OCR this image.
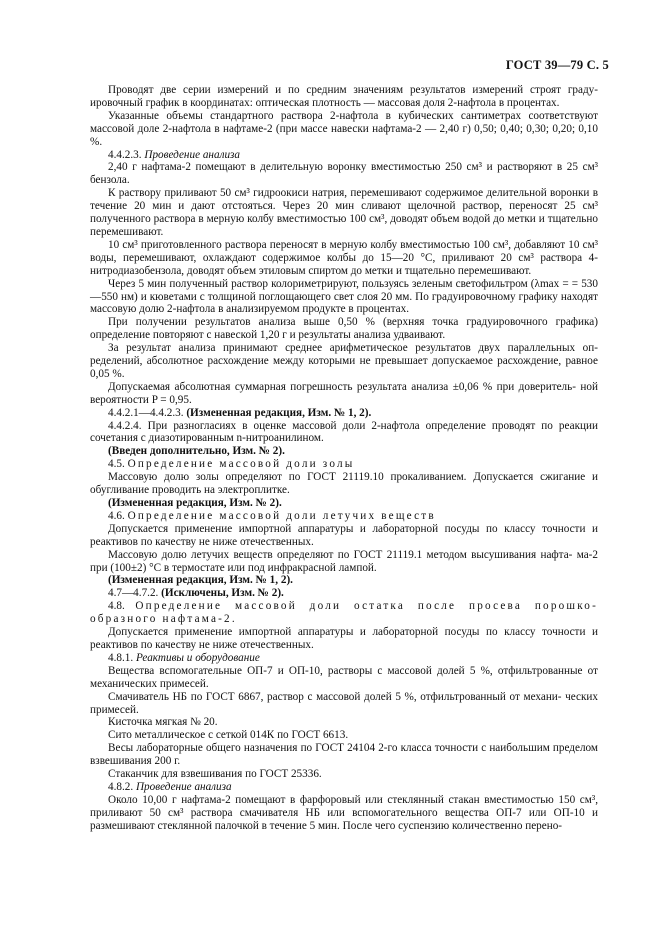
ГОСТ 39—79 С. 5

Проводят две серии измерений и по средним значениям результатов измерений строят граду- ировочный график в координатах: оптическая плотность — массовая доля 2-нафтола в процентах.

Указанные объемы стандартного раствора 2-нафтола в кубических сантиметрах соответствуют массовой доле 2-нафтола в нафтаме-2 (при массе навески нафтама-2 — 2,40 г) 0,50; 0,40; 0,30; 0,20; 0,10 %.

4.4.2.3. Проведение анализа

2,40 г нафтама-2 помещают в делительную воронку вместимостью 250 см³ и растворяют в 25 см³ бензола.

К раствору приливают 50 см³ гидроокиси натрия, перемешивают содержимое делительной воронки в течение 20 мин и дают отстояться. Через 20 мин сливают щелочной раствор, переносят 25 см³ полученного раствора в мерную колбу вместимостью 100 см³, доводят объем водой до метки и тщательно перемешивают.

10 см³ приготовленного раствора переносят в мерную колбу вместимостью 100 см³, добавляют 10 см³ воды, перемешивают, охлаждают содержимое колбы до 15—20 °С, приливают 20 см³ раствора 4-нитродиазобензола, доводят объем этиловым спиртом до метки и тщательно перемешивают.

Через 5 мин полученный раствор колориметрируют, пользуясь зеленым светофильтром (λmax = = 530—550 нм) и кюветами с толщиной поглощающего свет слоя 20 мм. По градуировочному графику находят массовую долю 2-нафтола в анализируемом продукте в процентах.

При получении результатов анализа выше 0,50 % (верхняя точка градуировочного графика) определение повторяют с навеской 1,20 г и результаты анализа удваивают.

За результат анализа принимают среднее арифметическое результатов двух параллельных оп- ределений, абсолютное расхождение между которыми не превышает допускаемое расхождение, равное 0,05 %.

Допускаемая абсолютная суммарная погрешность результата анализа ±0,06 % при доверитель- ной вероятности P = 0,95.

4.4.2.1—4.4.2.3. (Измененная редакция, Изм. № 1, 2).

4.4.2.4. При разногласиях в оценке массовой доли 2-нафтола определение проводят по реакции сочетания с диазотированным n-нитроанилином.

(Введен дополнительно, Изм. № 2).

4.5. Определение массовой доли золы

Массовую долю золы определяют по ГОСТ 21119.10 прокаливанием. Допускается сжигание и обугливание проводить на электроплитке.

(Измененная редакция, Изм. № 2).

4.6. Определение массовой доли летучих веществ

Допускается применение импортной аппаратуры и лабораторной посуды по классу точности и реактивов по качеству не ниже отечественных.

Массовую долю летучих веществ определяют по ГОСТ 21119.1 методом высушивания нафта- ма-2 при (100±2) °С в термостате или под инфракрасной лампой.

(Измененная редакция, Изм. № 1, 2).

4.7—4.7.2. (Исключены, Изм. № 2).

4.8. Определение массовой доли остатка после просева порошко- образного нафтама-2.

Допускается применение импортной аппаратуры и лабораторной посуды по классу точности и реактивов по качеству не ниже отечественных.

4.8.1. Реактивы и оборудование

Вещества вспомогательные ОП-7 и ОП-10, растворы с массовой долей 5 %, отфильтрованные от механических примесей.

Смачиватель НБ по ГОСТ 6867, раствор с массовой долей 5 %, отфильтрованный от механи- ческих примесей.

Кисточка мягкая № 20.

Сито металлическое с сеткой 014К по ГОСТ 6613.

Весы лабораторные общего назначения по ГОСТ 24104 2-го класса точности с наибольшим пределом взвешивания 200 г.

Стаканчик для взвешивания по ГОСТ 25336.

4.8.2. Проведение анализа

Около 10,00 г нафтама-2 помещают в фарфоровый или стеклянный стакан вместимостью 150 см³, приливают 50 см³ раствора смачивателя НБ или вспомогательного вещества ОП-7 или ОП-10 и размешивают стеклянной палочкой в течение 5 мин. После чего суспензию количественно перено-
